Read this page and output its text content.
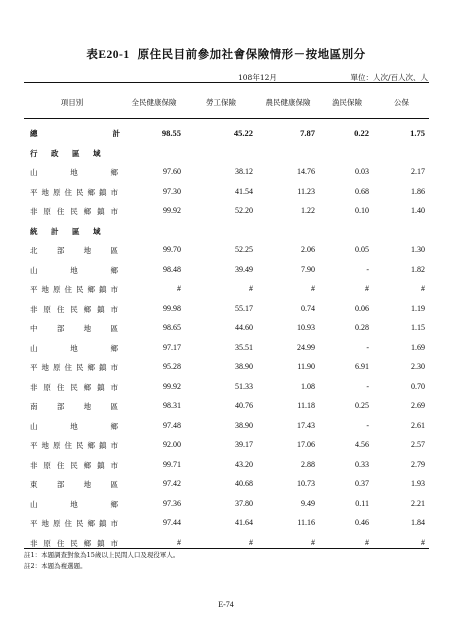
表E20-1 原住民目前參加社會保險情形－按地區別分
108年12月	單位：人次/百人次、人
項目別	全民健康保險	勞工保險	農民健康保險	漁民保險	公保
總　　　計	98.55	45.22	7.87	0.22	1.75
行　政　區　域
山地鄉	97.60	38.12	14.76	0.03	2.17
平地原住民鄉鎮市	97.30	41.54	11.23	0.68	1.86
非原住民鄉鎮市	99.92	52.20	1.22	0.10	1.40
統　計　區　域
北部地區	99.70	52.25	2.06	0.05	1.30
山地鄉	98.48	39.49	7.90	-	1.82
平地原住民鄉鎮市	#	#	#	#	#
非原住民鄉鎮市	99.98	55.17	0.74	0.06	1.19
中部地區	98.65	44.60	10.93	0.28	1.15
山地鄉	97.17	35.51	24.99	-	1.69
平地原住民鄉鎮市	95.28	38.90	11.90	6.91	2.30
非原住民鄉鎮市	99.92	51.33	1.08	-	0.70
南部地區	98.31	40.76	11.18	0.25	2.69
山地鄉	97.48	38.90	17.43	-	2.61
平地原住民鄉鎮市	92.00	39.17	17.06	4.56	2.57
非原住民鄉鎮市	99.71	43.20	2.88	0.33	2.79
東部地區	97.42	40.68	10.73	0.37	1.93
山地鄉	97.36	37.80	9.49	0.11	2.21
平地原住民鄉鎮市	97.44	41.64	11.16	0.46	1.84
非原住民鄉鎮市	#	#	#	#	#
註1：本題調查對象為15歲以上民間人口及現役軍人。
註2：本題為複選題。
E-74
